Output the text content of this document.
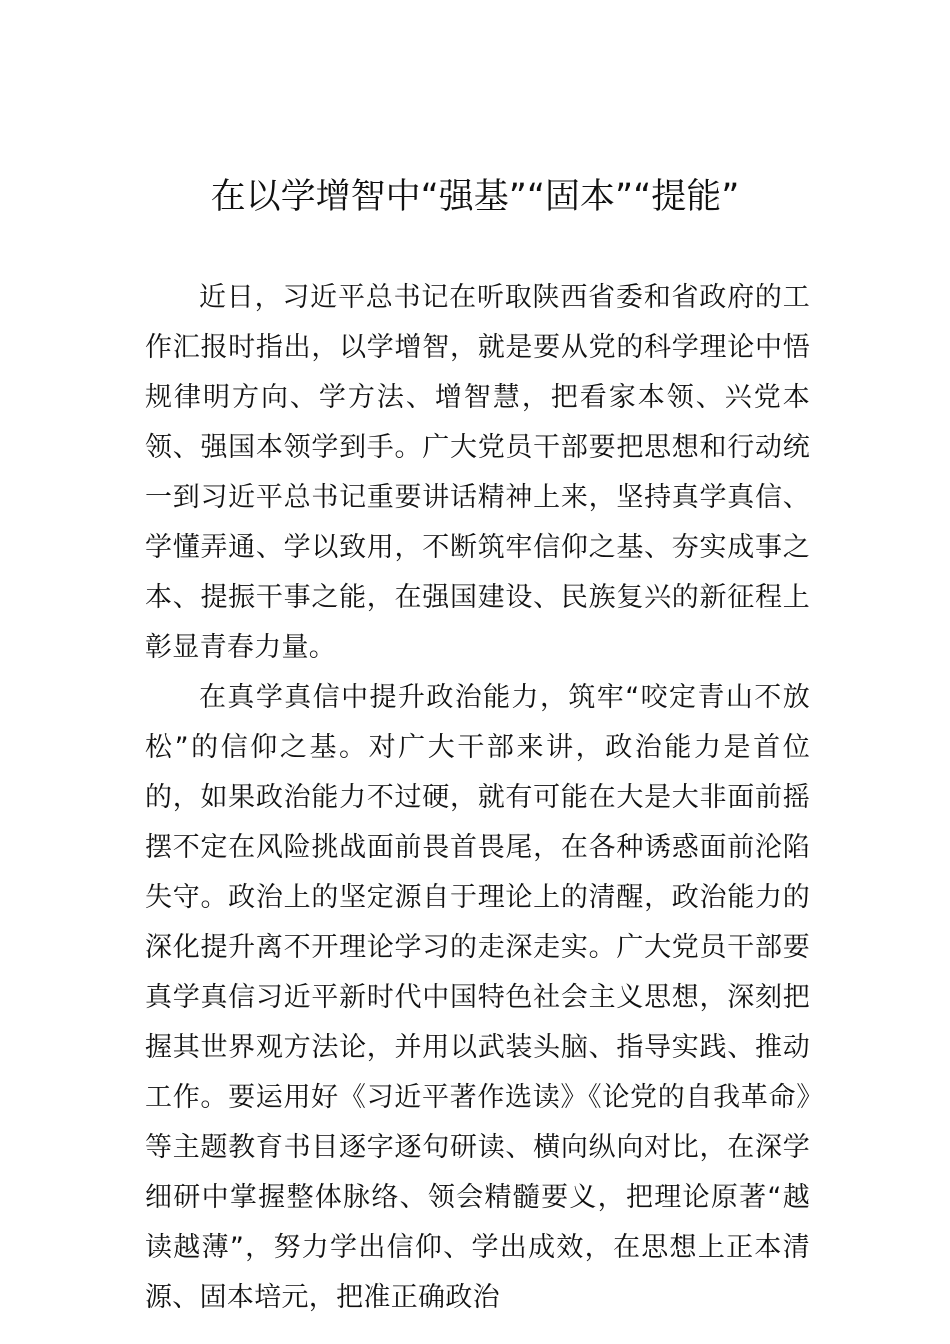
在以学增智中“强基”“固本”“提能”

近日，习近平总书记在听取陕西省委和省政府的工作汇报时指出，以学增智，就是要从党的科学理论中悟规律明方向、学方法、增智慧，把看家本领、兴党本领、强国本领学到手。广大党员干部要把思想和行动统一到习近平总书记重要讲话精神上来，坚持真学真信、学懂弄通、学以致用，不断筑牢信仰之基、夯实成事之本、提振干事之能，在强国建设、民族复兴的新征程上彰显青春力量。

在真学真信中提升政治能力，筑牢“咬定青山不放松”的信仰之基。对广大干部来讲，政治能力是首位的，如果政治能力不过硬，就有可能在大是大非面前摇摆不定在风险挑战面前畏首畏尾，在各种诱惑面前沦陷失守。政治上的坚定源自于理论上的清醒，政治能力的深化提升离不开理论学习的走深走实。广大党员干部要真学真信习近平新时代中国特色社会主义思想，深刻把握其世界观方法论，并用以武装头脑、指导实践、推动工作。要运用好《习近平著作选读》《论党的自我革命》等主题教育书目逐字逐句研读、横向纵向对比，在深学细研中掌握整体脉络、领会精髓要义，把理论原著“越读越薄”，努力学出信仰、学出成效，在思想上正本清源、固本培元，把准正确政治
